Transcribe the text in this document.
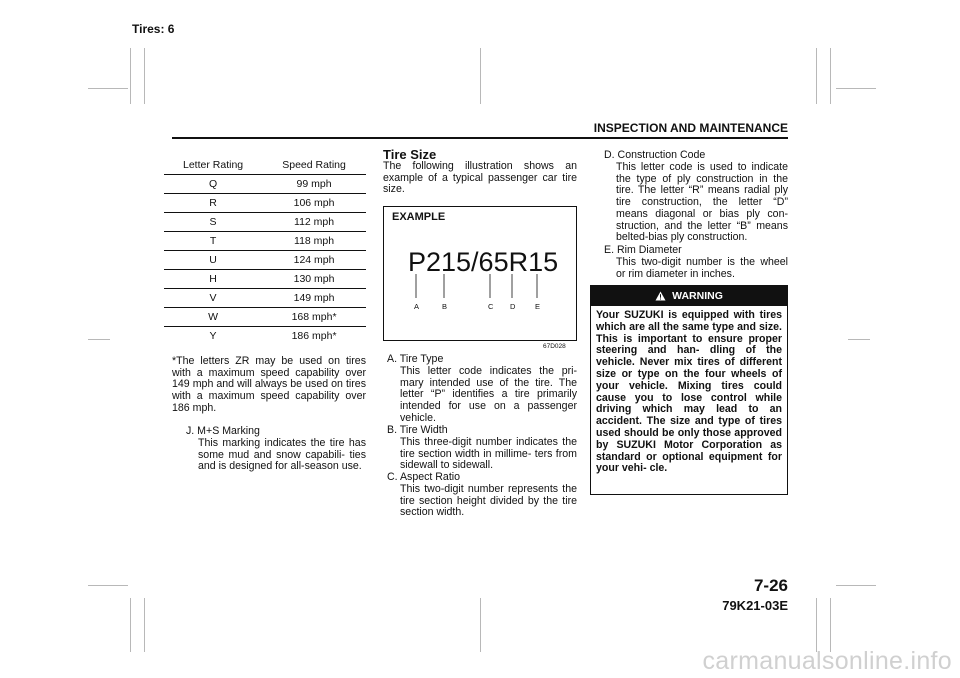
Tires: 6
INSPECTION AND MAINTENANCE
Letter Rating	Speed Rating
Q	99 mph
R	106 mph
S	112 mph
T	118 mph
U	124 mph
H	130 mph
V	149 mph
W	168 mph*
Y	186 mph*
*The letters ZR may be used on tires with a maximum speed capability over 149 mph and will always be used on tires with a maximum speed capability over 186 mph.
J. M+S Marking
This marking indicates the tire has some mud and snow capabili- ties and is designed for all-season use.
Tire Size
The following illustration shows an example of a typical passenger car tire size.
EXAMPLE
P215/65R15
A	B	C D	E
67D028
A. Tire Type
This letter code indicates the pri- mary intended use of the tire. The letter “P” identifies a tire primarily intended for use on a passenger vehicle.
B. Tire Width
This three-digit number indicates the tire section width in millime- ters from sidewall to sidewall.
C. Aspect Ratio
This two-digit number represents the tire section height divided by the tire section width.
D. Construction Code
This letter code is used to indicate the type of ply construction in the tire. The letter “R” means radial ply tire construction, the letter “D” means diagonal or bias ply con- struction, and the letter “B” means belted-bias ply construction.
E. Rim Diameter
This two-digit number is the wheel or rim diameter in inches.
WARNING
Your SUZUKI is equipped with tires which are all the same type and size. This is important to ensure proper steering and han- dling of the vehicle. Never mix tires of different size or type on the four wheels of your vehicle. Mixing tires could cause you to lose control while driving which may lead to an accident. The size and type of tires used should be only those approved by SUZUKI Motor Corporation as standard or optional equipment for your vehi- cle.
7-26
79K21-03E
carmanualsonline.info
